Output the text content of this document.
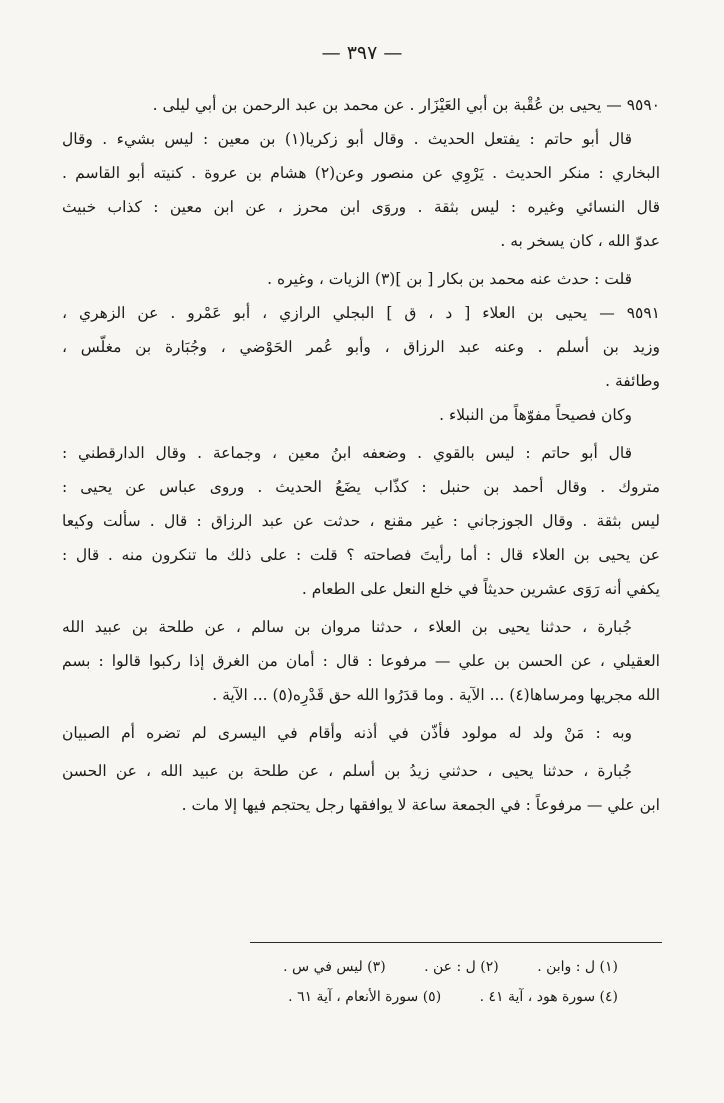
— ٣٩٧ —
٩٥٩٠ — يحيى بن عُقْبة بن أبي العَيْزَار . عن محمد بن عبد الرحمن بن أبي ليلى .
قال أبو حاتم : يفتعل الحديث . وقال أبو زكريا(١) بن معين : ليس بشيء . وقال
البخاري : منكر الحديث . يَرْوِي عن منصور وعن(٢) هشام بن عروة . كنيته أبو القاسم .
قال النسائي وغيره : ليس بثقة . وروَى ابن محرز ، عن ابن معين : كذاب خبيث
عدوّ الله ، كان يسخر به .
قلت : حدث عنه محمد بن بكار [ بن ](٣) الزيات ، وغيره .
٩٥٩١ — يحيى بن العلاء [ د ، ق ] البجلي الرازي ، أبو عَمْرو . عن الزهري ،
وزيد بن أسلم . وعنه عبد الرزاق ، وأبو عُمر الحَوْضي ، وجُبَارة بن مغلّس ،
وطائفة .
وكان فصيحاً مفوّهاً من النبلاء .
قال أبو حاتم : ليس بالقوي . وضعفه ابنُ معين ، وجماعة . وقال الدارقطني :
متروك . وقال أحمد بن حنبل : كذّاب يضَعُ الحديث . وروى عباس عن يحيى :
ليس بثقة . وقال الجوزجاني : غير مقنع ، حدثت عن عبد الرزاق : قال . سألت وكيعا
عن يحيى بن العلاء قال : أما رأيتَ فصاحته ؟ قلت : على ذلك ما تنكرون منه . قال :
يكفي أنه رَوَى عشرين حديثاً في خلع النعل على الطعام .
جُبارة ، حدثنا يحيى بن العلاء ، حدثنا مروان بن سالم ، عن طلحة بن عبيد الله
العقيلي ، عن الحسن بن علي — مرفوعا : قال : أمان من الغرق إذا ركبوا قالوا : بسم
الله مجريها ومرساها(٤) ... الآية . وما قدَرُوا الله حق قَدْرِه(٥) ... الآية .
وبه : مَنْ ولد له مولود فأذّن في أذنه وأقام في اليسرى لم تضره أم الصبيان
جُبارة ، حدثنا يحيى ، حدثني زيدُ بن أسلم ، عن طلحة بن عبيد الله ، عن الحسن
ابن علي — مرفوعاً : في الجمعة ساعة لا يوافقها رجل يحتجم فيها إلا مات .
(١) ل : وابن . (٢) ل : عن . (٣) ليس في س .
(٤) سورة هود ، آية ٤١ . (٥) سورة الأنعام ، آية ٦١ .
